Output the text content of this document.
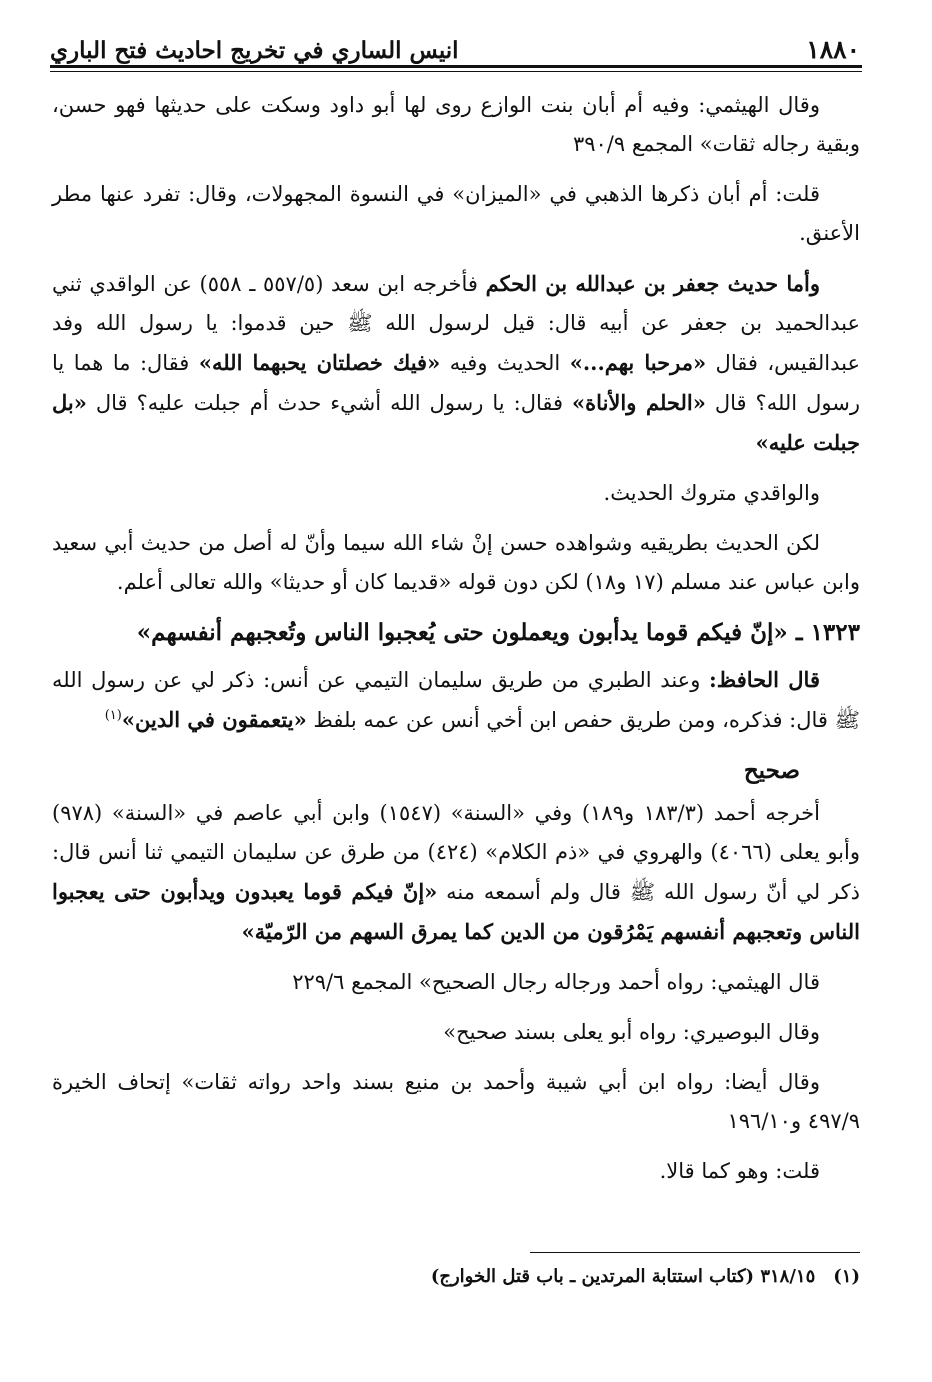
١٨٨٠
انيس الساري في تخريج احاديث فتح الباري

وقال الهيثمي: وفيه أم أبان بنت الوازع روى لها أبو داود وسكت على حديثها فهو حسن، وبقية رجاله ثقات» المجمع ٣٩٠/٩

قلت: أم أبان ذكرها الذهبي في «الميزان» في النسوة المجهولات، وقال: تفرد عنها مطر الأعنق.

وأما حديث جعفر بن عبدالله بن الحكم فأخرجه ابن سعد (٥٥٧/٥ ـ ٥٥٨) عن الواقدي ثني عبدالحميد بن جعفر عن أبيه قال: قيل لرسول الله ﷺ حين قدموا: يا رسول الله وفد عبدالقيس، فقال «مرحبا بهم...» الحديث وفيه «فيك خصلتان يحبهما الله» فقال: ما هما يا رسول الله؟ قال «الحلم والأناة» فقال: يا رسول الله أشيء حدث أم جبلت عليه؟ قال «بل جبلت عليه»

والواقدي متروك الحديث.

لكن الحديث بطريقيه وشواهده حسن إنْ شاء الله سيما وأنّ له أصل من حديث أبي سعيد وابن عباس عند مسلم (١٧ و١٨) لكن دون قوله «قديما كان أو حديثا» والله تعالى أعلم.

١٣٢٣ ـ «إنّ فيكم قوما يدأبون ويعملون حتى يُعجبوا الناس وتُعجبهم أنفسهم»

قال الحافظ: وعند الطبري من طريق سليمان التيمي عن أنس: ذكر لي عن رسول الله ﷺ قال: فذكره، ومن طريق حفص ابن أخي أنس عن عمه بلفظ «يتعمقون في الدين»$^{(١)}$

صحيح

أخرجه أحمد (١٨٣/٣ و١٨٩) وفي «السنة» (١٥٤٧) وابن أبي عاصم في «السنة» (٩٧٨) وأبو يعلى (٤٠٦٦) والهروي في «ذم الكلام» (٤٢٤) من طرق عن سليمان التيمي ثنا أنس قال: ذكر لي أنّ رسول الله ﷺ قال ولم أسمعه منه «إنّ فيكم قوما يعبدون ويدأبون حتى يعجبوا الناس وتعجبهم أنفسهم يَمْرُقون من الدين كما يمرق السهم من الرّميّة»

قال الهيثمي: رواه أحمد ورجاله رجال الصحيح» المجمع ٢٢٩/٦

وقال البوصيري: رواه أبو يعلى بسند صحيح»

وقال أيضا: رواه ابن أبي شيبة وأحمد بن منيع بسند واحد رواته ثقات» إتحاف الخيرة ٤٩٧/٩ و١٩٦/١٠

قلت: وهو كما قالا.

(١)٣١٨/١٥ (كتاب استتابة المرتدين ـ باب قتل الخوارج)
